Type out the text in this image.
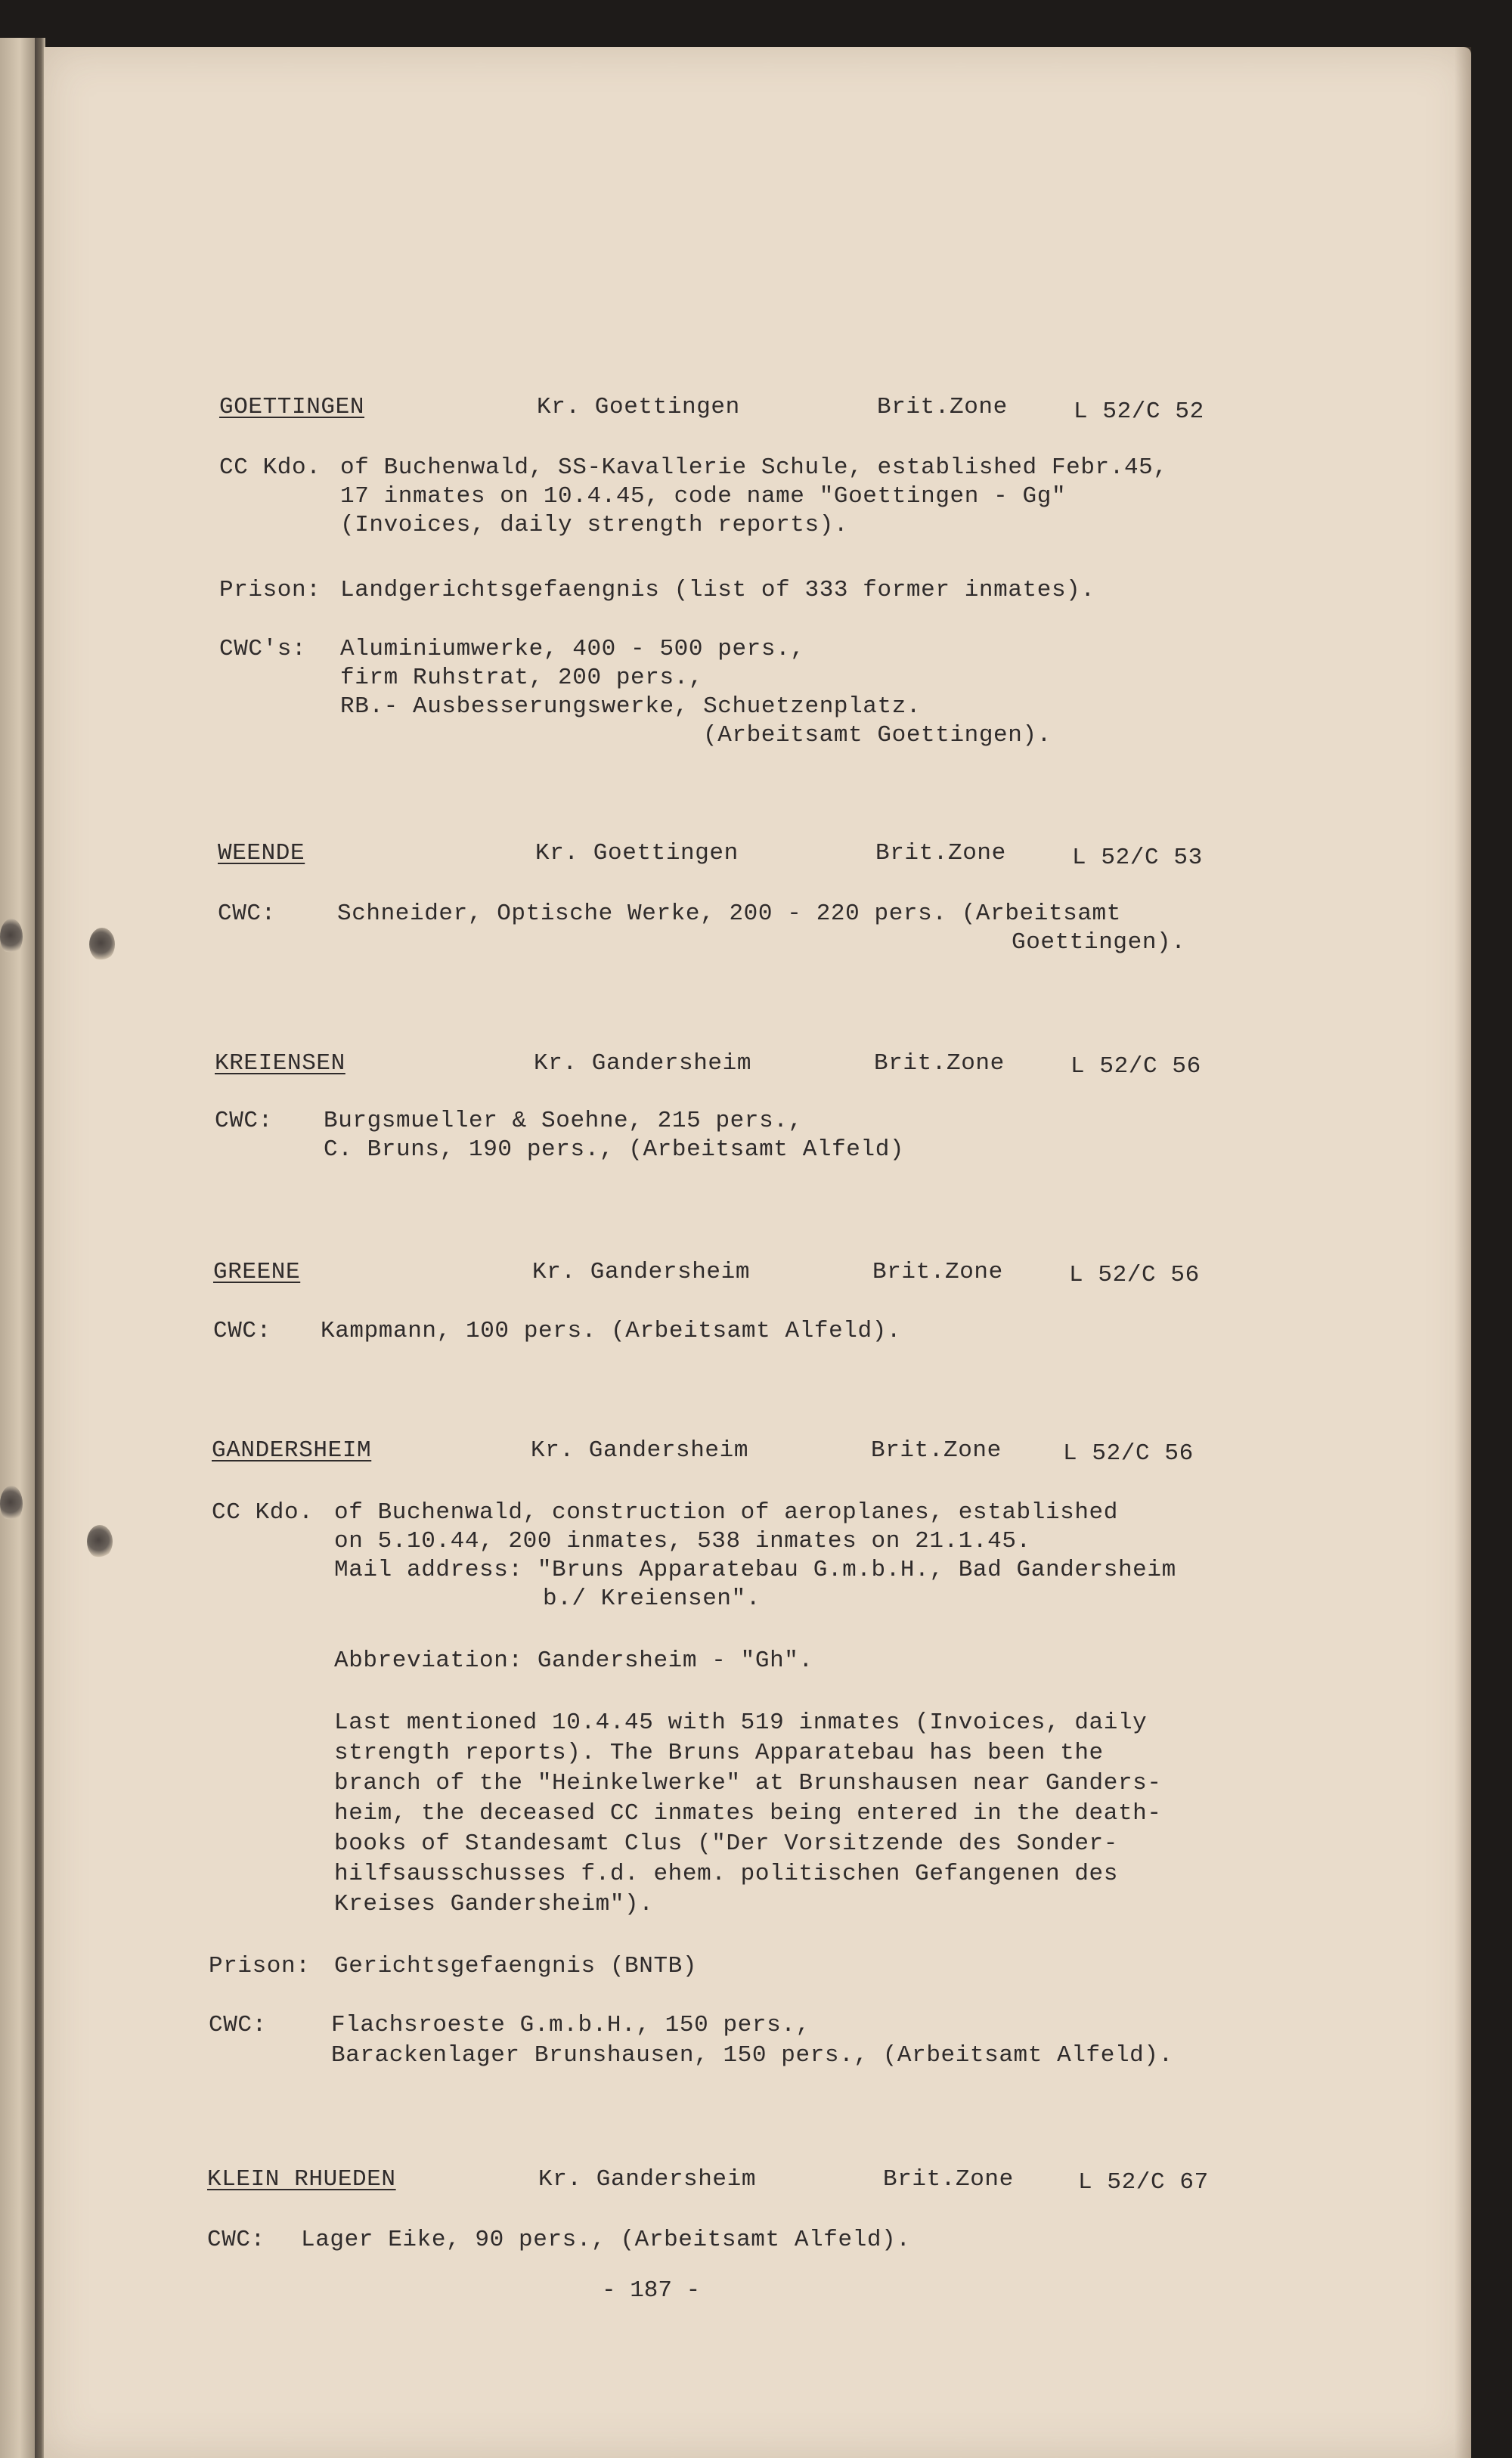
GOETTINGEN	Kr. Goettingen	Brit.Zone	L 52/C 52
CC Kdo. of Buchenwald, SS-Kavallerie Schule, established Febr.45,
17 inmates on 10.4.45, code name "Goettingen - Gg"
(Invoices, daily strength reports).
Prison: Landgerichtsgefaengnis (list of 333 former inmates).
CWC's: Aluminiumwerke, 400 - 500 pers.,
firm Ruhstrat, 200 pers.,
RB.- Ausbesserungswerke, Schuetzenplatz.
(Arbeitsamt Goettingen).
WEENDE	Kr. Goettingen	Brit.Zone	L 52/C 53
CWC:	Schneider, Optische Werke, 200 - 220 pers. (Arbeitsamt
Goettingen).
KREIENSEN	Kr. Gandersheim	Brit.Zone	L 52/C 56
CWC: Burgsmueller & Soehne, 215 pers.,
C. Bruns, 190 pers., (Arbeitsamt Alfeld)
GREENE	Kr. Gandersheim	Brit.Zone	L 52/C 56
CWC: Kampmann, 100 pers. (Arbeitsamt Alfeld).
GANDERSHEIM	Kr. Gandersheim	Brit.Zone	L 52/C 56
CC Kdo. of Buchenwald, construction of aeroplanes, established
on 5.10.44, 200 inmates, 538 inmates on 21.1.45.
Mail address: "Bruns Apparatebau G.m.b.H., Bad Gandersheim
b./ Kreiensen".
Abbreviation: Gandersheim - "Gh".
Last mentioned 10.4.45 with 519 inmates (Invoices, daily
strength reports). The Bruns Apparatebau has been the
branch of the "Heinkelwerke" at Brunshausen near Ganders-
heim, the deceased CC inmates being entered in the death-
books of Standesamt Clus ("Der Vorsitzende des Sonder-
hilfsausschusses f.d. ehem. politischen Gefangenen des
Kreises Gandersheim").
Prison: Gerichtsgefaengnis (BNTB)
CWC:	Flachsroeste G.m.b.H., 150 pers.,
Barackenlager Brunshausen, 150 pers., (Arbeitsamt Alfeld).
KLEIN RHUEDEN	Kr. Gandersheim	Brit.Zone	L 52/C 67
CWC: Lager Eike, 90 pers., (Arbeitsamt Alfeld).
- 187 -
